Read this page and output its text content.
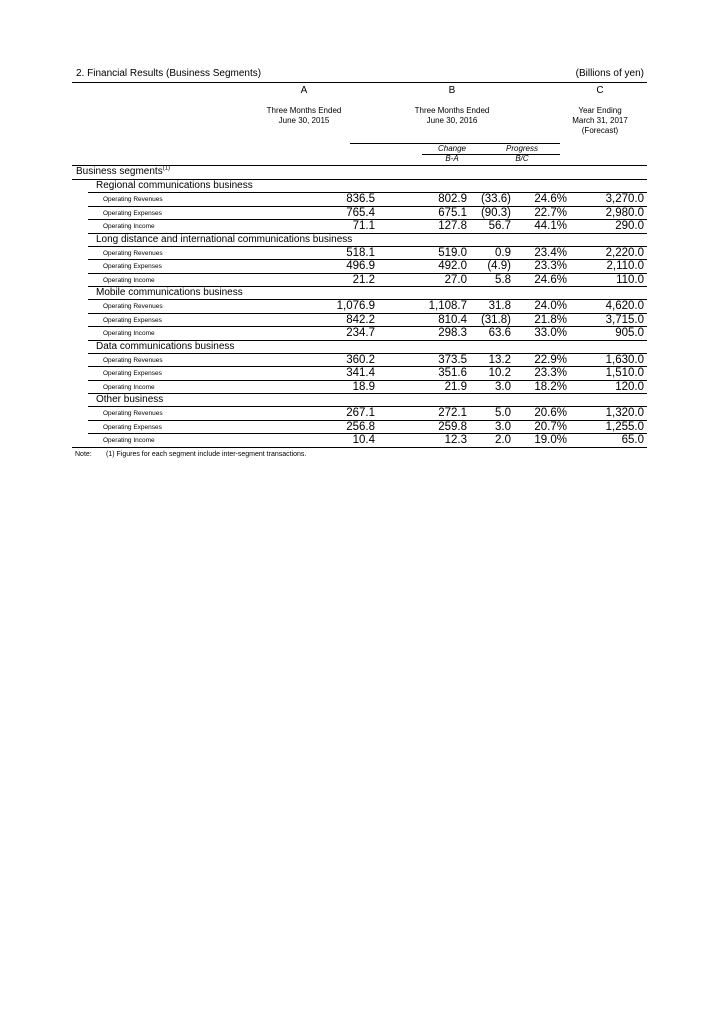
2. Financial Results (Business Segments)	(Billions of yen)
A	B	C
Three Months Ended
June 30, 2015
Three Months Ended
June 30, 2016
Year Ending
March 31, 2017
(Forecast)
Change	Progress
B-A	B/C
Business segments$^{(1)}$
Regional communications business
Operating Revenues	836.5	802.9 (33.6) 24.6%	3,270.0
Operating Expenses	765.4	675.1 (90.3) 22.7%	2,980.0
Operating Income	71.1	127.8 56.7 44.1%	290.0
Long distance and international communications business
Operating Revenues	518.1	519.0 0.9 23.4%	2,220.0
Operating Expenses	496.9	492.0 (4.9) 23.3%	2,110.0
Operating Income	21.2	27.0 5.8 24.6%	110.0
Mobile communications business
Operating Revenues	1,076.9	1,108.7 31.8 24.0%	4,620.0
Operating Expenses	842.2	810.4 (31.8) 21.8%	3,715.0
Operating Income	234.7	298.3 63.6 33.0%	905.0
Data communications business
Operating Revenues	360.2	373.5 13.2 22.9%	1,630.0
Operating Expenses	341.4	351.6 10.2 23.3%	1,510.0
Operating Income	18.9	21.9 3.0 18.2%	120.0
Other business
Operating Revenues	267.1	272.1 5.0 20.6%	1,320.0
Operating Expenses	256.8	259.8 3.0 20.7%	1,255.0
Operating Income	10.4	12.3 2.0 19.0%	65.0
Note: (1) Figures for each segment include inter-segment transactions.
